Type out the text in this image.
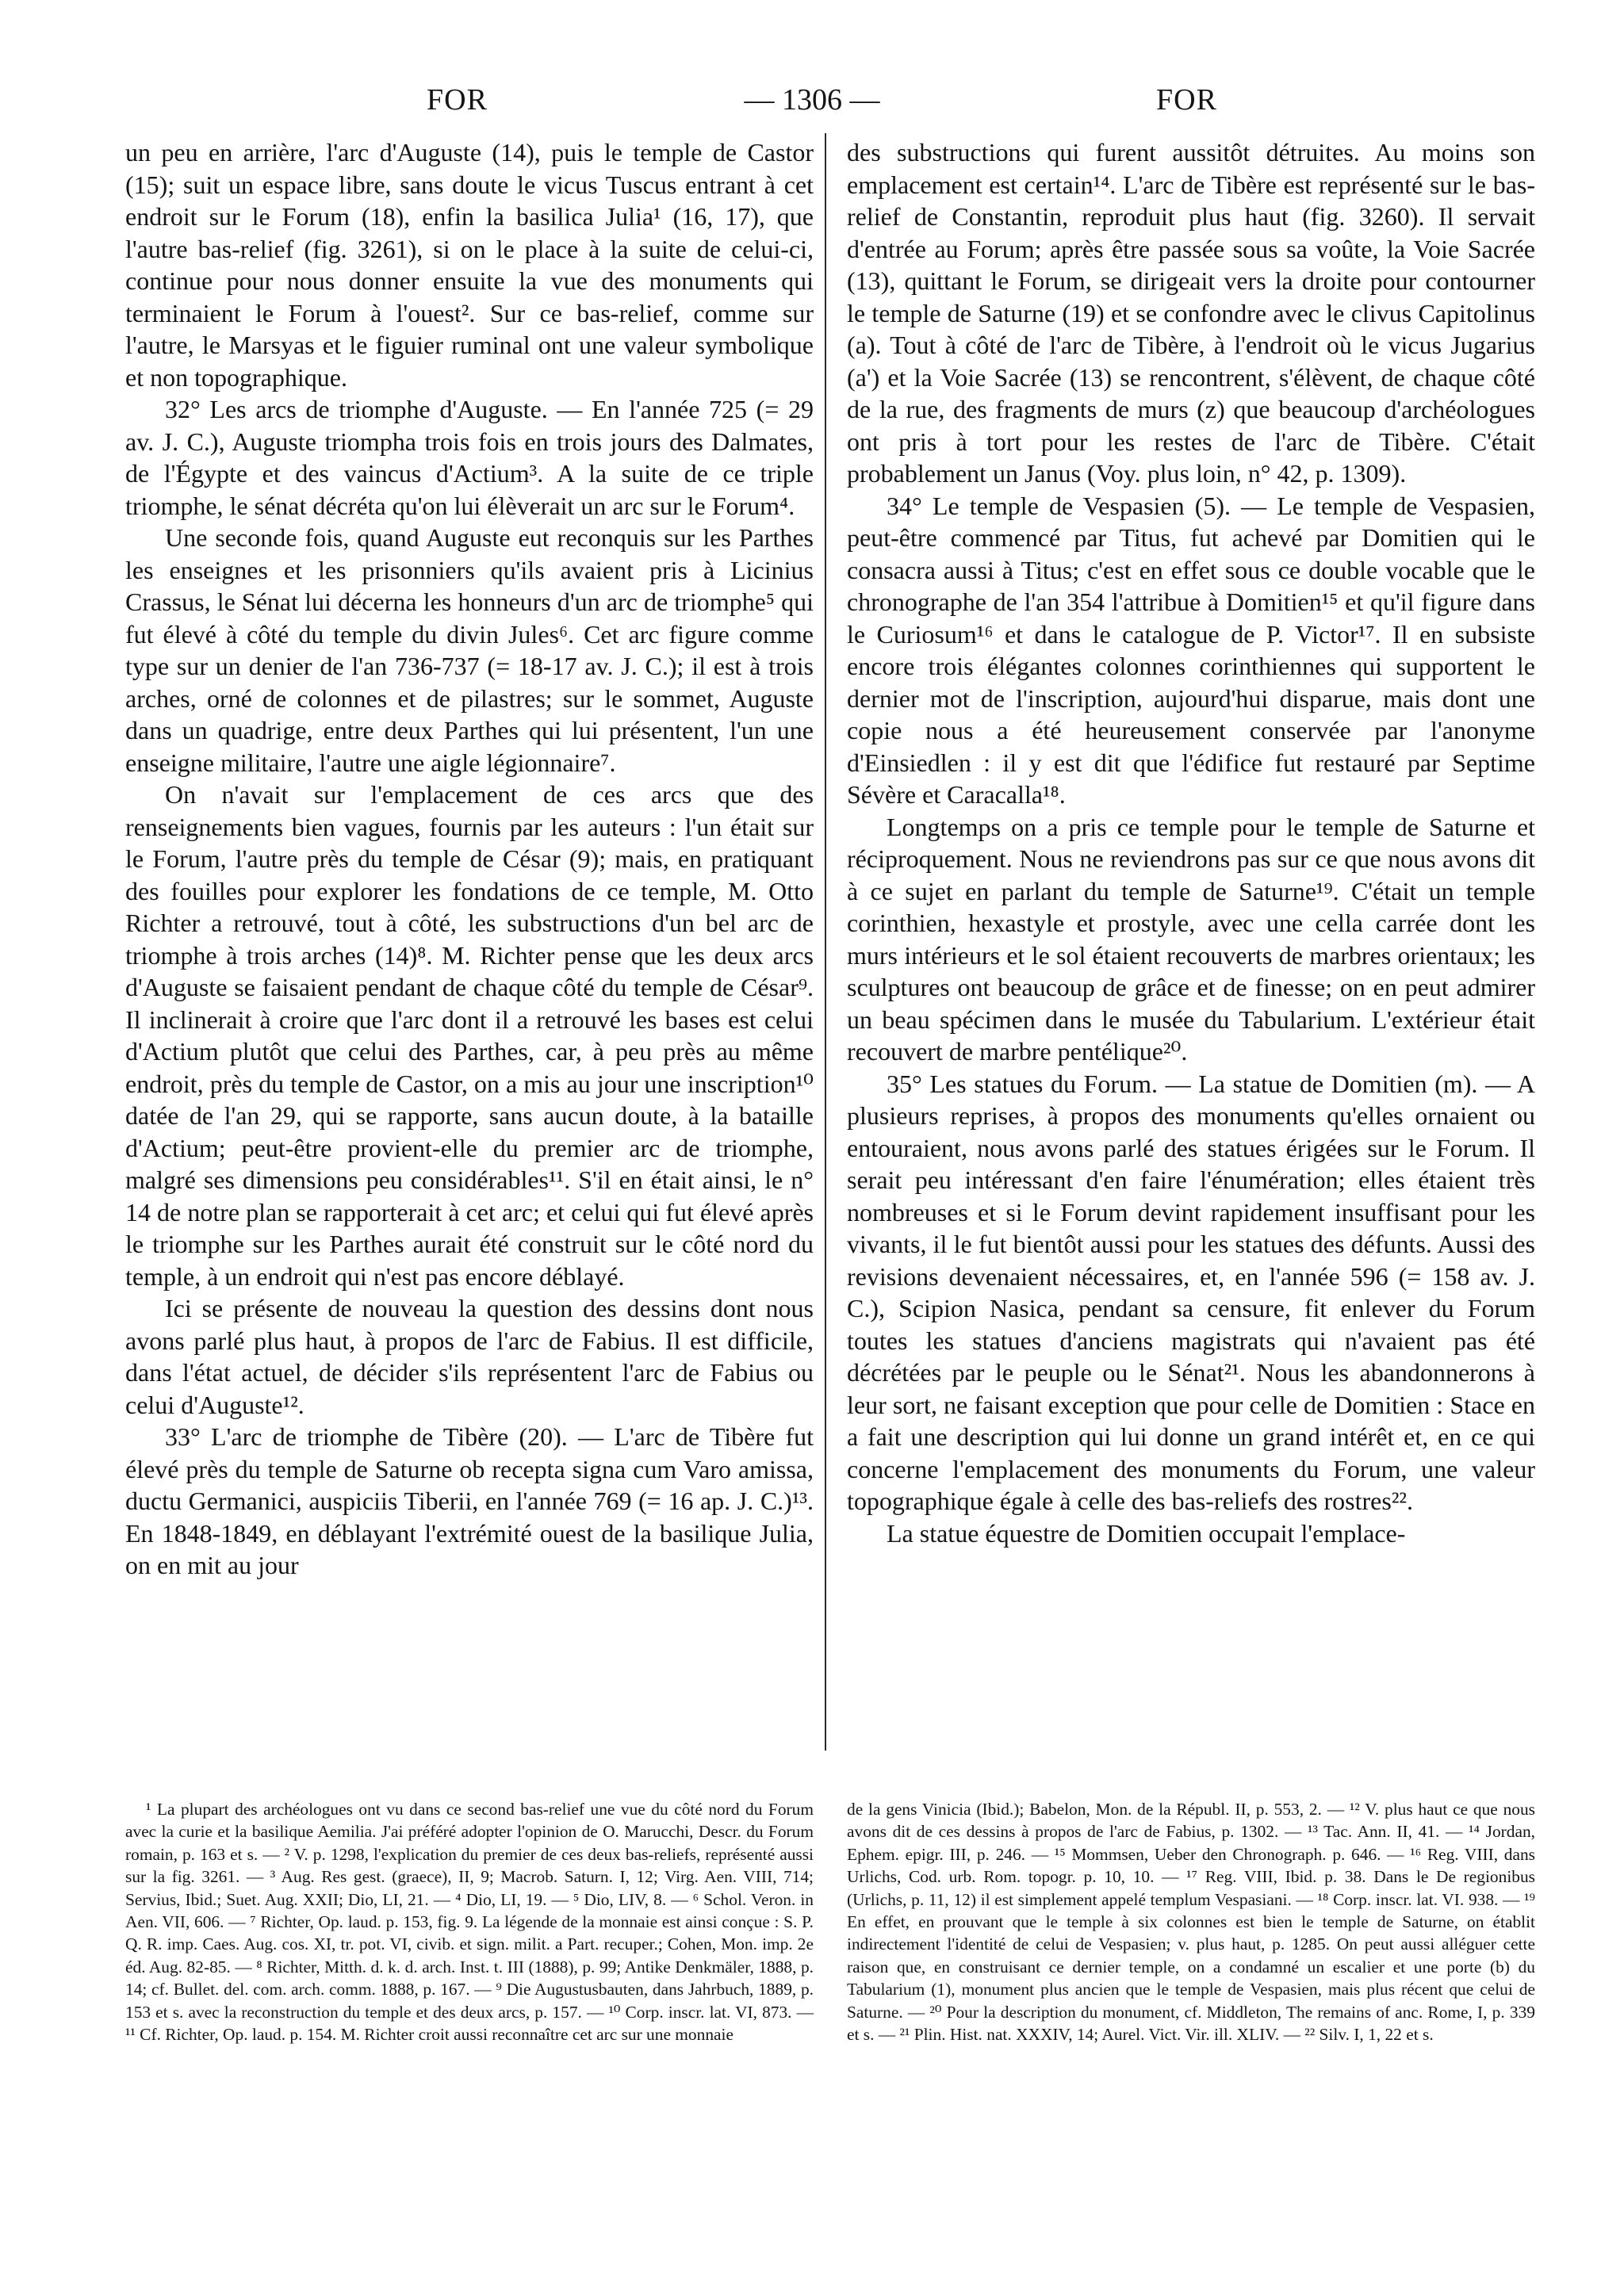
FOR	— 1306 —	FOR

un peu en arrière, l'arc d'Auguste (14), puis le temple de Castor (15); suit un espace libre, sans doute le vicus Tuscus entrant à cet endroit sur le Forum (18), enfin la basilica Julia¹ (16, 17), que l'autre bas-relief (fig. 3261), si on le place à la suite de celui-ci, continue pour nous donner ensuite la vue des monuments qui terminaient le Forum à l'ouest². Sur ce bas-relief, comme sur l'autre, le Marsyas et le figuier ruminal ont une valeur symbolique et non topographique.

32° Les arcs de triomphe d'Auguste. — En l'année 725 (= 29 av. J. C.), Auguste triompha trois fois en trois jours des Dalmates, de l'Égypte et des vaincus d'Actium³. A la suite de ce triple triomphe, le sénat décréta qu'on lui élèverait un arc sur le Forum⁴.

Une seconde fois, quand Auguste eut reconquis sur les Parthes les enseignes et les prisonniers qu'ils avaient pris à Licinius Crassus, le Sénat lui décerna les honneurs d'un arc de triomphe⁵ qui fut élevé à côté du temple du divin Jules⁶. Cet arc figure comme type sur un denier de l'an 736-737 (= 18-17 av. J. C.); il est à trois arches, orné de colonnes et de pilastres; sur le sommet, Auguste dans un quadrige, entre deux Parthes qui lui présentent, l'un une enseigne militaire, l'autre une aigle légionnaire⁷.

On n'avait sur l'emplacement de ces arcs que des renseignements bien vagues, fournis par les auteurs : l'un était sur le Forum, l'autre près du temple de César (9); mais, en pratiquant des fouilles pour explorer les fondations de ce temple, M. Otto Richter a retrouvé, tout à côté, les substructions d'un bel arc de triomphe à trois arches (14)⁸. M. Richter pense que les deux arcs d'Auguste se faisaient pendant de chaque côté du temple de César⁹. Il inclinerait à croire que l'arc dont il a retrouvé les bases est celui d'Actium plutôt que celui des Parthes, car, à peu près au même endroit, près du temple de Castor, on a mis au jour une inscription¹⁰ datée de l'an 29, qui se rapporte, sans aucun doute, à la bataille d'Actium; peut-être provient-elle du premier arc de triomphe, malgré ses dimensions peu considérables¹¹. S'il en était ainsi, le n° 14 de notre plan se rapporterait à cet arc; et celui qui fut élevé après le triomphe sur les Parthes aurait été construit sur le côté nord du temple, à un endroit qui n'est pas encore déblayé.

Ici se présente de nouveau la question des dessins dont nous avons parlé plus haut, à propos de l'arc de Fabius. Il est difficile, dans l'état actuel, de décider s'ils représentent l'arc de Fabius ou celui d'Auguste¹².

33° L'arc de triomphe de Tibère (20). — L'arc de Tibère fut élevé près du temple de Saturne ob recepta signa cum Varo amissa, ductu Germanici, auspiciis Tiberii, en l'année 769 (= 16 ap. J. C.)¹³. En 1848-1849, en déblayant l'extrémité ouest de la basilique Julia, on en mit au jour

des substructions qui furent aussitôt détruites. Au moins son emplacement est certain¹⁴. L'arc de Tibère est représenté sur le bas-relief de Constantin, reproduit plus haut (fig. 3260). Il servait d'entrée au Forum; après être passée sous sa voûte, la Voie Sacrée (13), quittant le Forum, se dirigeait vers la droite pour contourner le temple de Saturne (19) et se confondre avec le clivus Capitolinus (a). Tout à côté de l'arc de Tibère, à l'endroit où le vicus Jugarius (a') et la Voie Sacrée (13) se rencontrent, s'élèvent, de chaque côté de la rue, des fragments de murs (z) que beaucoup d'archéologues ont pris à tort pour les restes de l'arc de Tibère. C'était probablement un Janus (Voy. plus loin, n° 42, p. 1309).

34° Le temple de Vespasien (5). — Le temple de Vespasien, peut-être commencé par Titus, fut achevé par Domitien qui le consacra aussi à Titus; c'est en effet sous ce double vocable que le chronographe de l'an 354 l'attribue à Domitien¹⁵ et qu'il figure dans le Curiosum¹⁶ et dans le catalogue de P. Victor¹⁷. Il en subsiste encore trois élégantes colonnes corinthiennes qui supportent le dernier mot de l'inscription, aujourd'hui disparue, mais dont une copie nous a été heureusement conservée par l'anonyme d'Einsiedlen : il y est dit que l'édifice fut restauré par Septime Sévère et Caracalla¹⁸.

Longtemps on a pris ce temple pour le temple de Saturne et réciproquement. Nous ne reviendrons pas sur ce que nous avons dit à ce sujet en parlant du temple de Saturne¹⁹. C'était un temple corinthien, hexastyle et prostyle, avec une cella carrée dont les murs intérieurs et le sol étaient recouverts de marbres orientaux; les sculptures ont beaucoup de grâce et de finesse; on en peut admirer un beau spécimen dans le musée du Tabularium. L'extérieur était recouvert de marbre pentélique²⁰.

35° Les statues du Forum. — La statue de Domitien (m). — A plusieurs reprises, à propos des monuments qu'elles ornaient ou entouraient, nous avons parlé des statues érigées sur le Forum. Il serait peu intéressant d'en faire l'énumération; elles étaient très nombreuses et si le Forum devint rapidement insuffisant pour les vivants, il le fut bientôt aussi pour les statues des défunts. Aussi des revisions devenaient nécessaires, et, en l'année 596 (= 158 av. J. C.), Scipion Nasica, pendant sa censure, fit enlever du Forum toutes les statues d'anciens magistrats qui n'avaient pas été décrétées par le peuple ou le Sénat²¹. Nous les abandonnerons à leur sort, ne faisant exception que pour celle de Domitien : Stace en a fait une description qui lui donne un grand intérêt et, en ce qui concerne l'emplacement des monuments du Forum, une valeur topographique égale à celle des bas-reliefs des rostres²².

La statue équestre de Domitien occupait l'emplace-

¹ La plupart des archéologues ont vu dans ce second bas-relief une vue du côté nord du Forum avec la curie et la basilique Aemilia. J'ai préféré adopter l'opinion de O. Marucchi, Descr. du Forum romain, p. 163 et s. — ² V. p. 1298, l'explication du premier de ces deux bas-reliefs, représenté aussi sur la fig. 3261. — ³ Aug. Res gest. (graece), II, 9; Macrob. Saturn. I, 12; Virg. Aen. VIII, 714; Servius, Ibid.; Suet. Aug. XXII; Dio, LI, 21. — ⁴ Dio, LI, 19. — ⁵ Dio, LIV, 8. — ⁶ Schol. Veron. in Aen. VII, 606. — ⁷ Richter, Op. laud. p. 153, fig. 9. La légende de la monnaie est ainsi conçue : S. P. Q. R. imp. Caes. Aug. cos. XI, tr. pot. VI, civib. et sign. milit. a Part. recuper.; Cohen, Mon. imp. 2e éd. Aug. 82-85. — ⁸ Richter, Mitth. d. k. d. arch. Inst. t. III (1888), p. 99; Antike Denkmäler, 1888, p. 14; cf. Bullet. del. com. arch. comm. 1888, p. 167. — ⁹ Die Augustusbauten, dans Jahrbuch, 1889, p. 153 et s. avec la reconstruction du temple et des deux arcs, p. 157. — ¹⁰ Corp. inscr. lat. VI, 873. — ¹¹ Cf. Richter, Op. laud. p. 154. M. Richter croit aussi reconnaître cet arc sur une monnaie

de la gens Vinicia (Ibid.); Babelon, Mon. de la Républ. II, p. 553, 2. — ¹² V. plus haut ce que nous avons dit de ces dessins à propos de l'arc de Fabius, p. 1302. — ¹³ Tac. Ann. II, 41. — ¹⁴ Jordan, Ephem. epigr. III, p. 246. — ¹⁵ Mommsen, Ueber den Chronograph. p. 646. — ¹⁶ Reg. VIII, dans Urlichs, Cod. urb. Rom. topogr. p. 10, 10. — ¹⁷ Reg. VIII, Ibid. p. 38. Dans le De regionibus (Urlichs, p. 11, 12) il est simplement appelé templum Vespasiani. — ¹⁸ Corp. inscr. lat. VI. 938. — ¹⁹ En effet, en prouvant que le temple à six colonnes est bien le temple de Saturne, on établit indirectement l'identité de celui de Vespasien; v. plus haut, p. 1285. On peut aussi alléguer cette raison que, en construisant ce dernier temple, on a condamné un escalier et une porte (b) du Tabularium (1), monument plus ancien que le temple de Vespasien, mais plus récent que celui de Saturne. — ²⁰ Pour la description du monument, cf. Middleton, The remains of anc. Rome, I, p. 339 et s. — ²¹ Plin. Hist. nat. XXXIV, 14; Aurel. Vict. Vir. ill. XLIV. — ²² Silv. I, 1, 22 et s.
